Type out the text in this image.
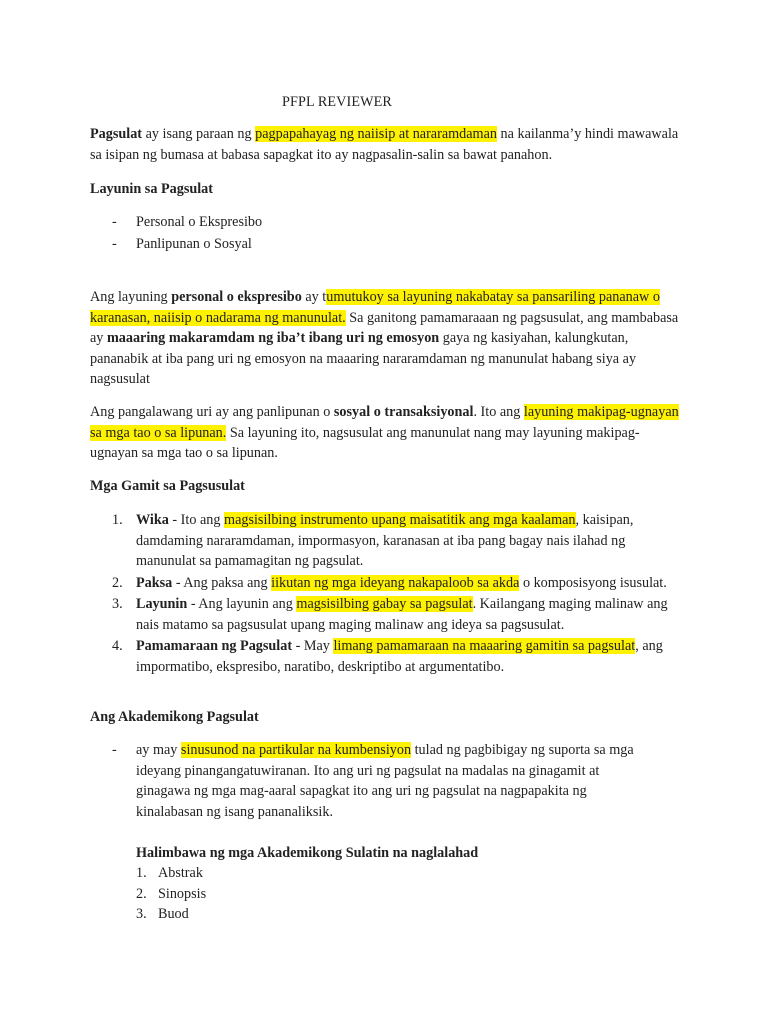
PFPL REVIEWER
Pagsulat ay isang paraan ng pagpapahayag ng naiisip at nararamdaman na kailanma’y hindi mawawala sa isipan ng bumasa at babasa sapagkat ito ay nagpasalin-salin sa bawat panahon.
Layunin sa Pagsulat
- Personal o Ekspresibo
- Panlipunan o Sosyal
Ang layuning personal o ekspresibo ay tumutukoy sa layuning nakabatay sa pansariling pananaw o karanasan, naiisip o nadarama ng manunulat. Sa ganitong pamamaraaan ng pagsusulat, ang mambabasa ay maaaring makaramdam ng iba’t ibang uri ng emosyon gaya ng kasiyahan, kalungkutan, pananabik at iba pang uri ng emosyon na maaaring nararamdaman ng manunulat habang siya ay nagsusulat
Ang pangalawang uri ay ang panlipunan o sosyal o transaksiyonal. Ito ang layuning makipag-ugnayan sa mga tao o sa lipunan. Sa layuning ito, nagsusulat ang manunulat nang may layuning makipag-ugnayan sa mga tao o sa lipunan.
Mga Gamit sa Pagsusulat
1. Wika - Ito ang magsisilbing instrumento upang maisatitik ang mga kaalaman, kaisipan, damdaming nararamdaman, impormasyon, karanasan at iba pang bagay nais ilahad ng manunulat sa pamamagitan ng pagsulat.
2. Paksa - Ang paksa ang iikutan ng mga ideyang nakapaloob sa akda o komposisyong isusulat.
3. Layunin - Ang layunin ang magsisilbing gabay sa pagsulat. Kailangang maging malinaw ang nais matamo sa pagsusulat upang maging malinaw ang ideya sa pagsusulat.
4. Pamamaraan ng Pagsulat - May limang pamamaraan na maaaring gamitin sa pagsulat, ang impormatibo, ekspresibo, naratibo, deskriptibo at argumentatibo.
Ang Akademikong Pagsulat
- ay may sinusunod na partikular na kumbensiyon tulad ng pagbibigay ng suporta sa mga ideyang pinangangatuwiranan. Ito ang uri ng pagsulat na madalas na ginagamit at ginagawa ng mga mag-aaral sapagkat ito ang uri ng pagsulat na nagpapakita ng kinalabasan ng isang pananaliksik.
Halimbawa ng mga Akademikong Sulatin na naglalahad
1. Abstrak
2. Sinopsis
3. Buod
